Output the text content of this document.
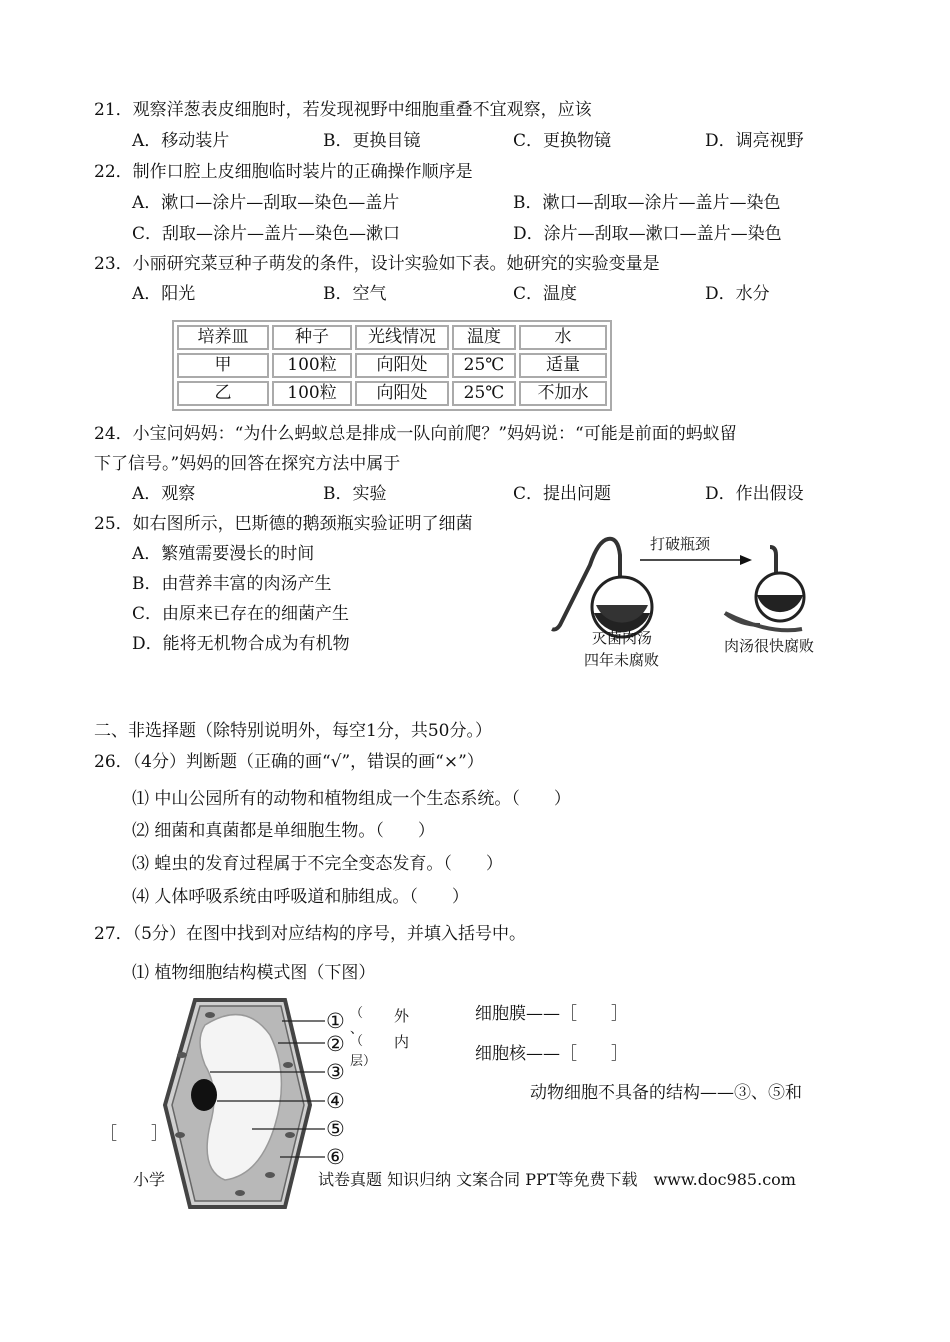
21．观察洋葱表皮细胞时，若发现视野中细胞重叠不宜观察，应该
A．移动装片	B．更换目镜	C．更换物镜	D．调亮视野
22．制作口腔上皮细胞临时装片的正确操作顺序是
A．漱口—涂片—刮取—染色—盖片	B．漱口—刮取—涂片—盖片—染色
C．刮取—涂片—盖片—染色—漱口	D．涂片—刮取—漱口—盖片—染色
23．小丽研究菜豆种子萌发的条件，设计实验如下表。她研究的实验变量是
A．阳光	B．空气	C．温度	D．水分
培养皿	种子	光线情况	温度	水
甲	100粒	向阳处	25℃	适量
乙	100粒	向阳处	25℃	不加水
24．小宝问妈妈：“为什么蚂蚁总是排成一队向前爬？”妈妈说：“可能是前面的蚂蚁留
下了信号。”妈妈的回答在探究方法中属于
A．观察	B．实验	C．提出问题	D．作出假设
25．如右图所示，巴斯德的鹅颈瓶实验证明了细菌
A．繁殖需要漫长的时间
B．由营养丰富的肉汤产生
C．由原来已存在的细菌产生
D．能将无机物合成为有机物
打破瓶颈
灭菌肉汤
四年未腐败
肉汤很快腐败
二、非选择题（除特别说明外，每空1分，共50分。）
26．（4分）判断题（正确的画“√”，错误的画“×”）
⑴ 中山公园所有的动物和植物组成一个生态系统。（　　）
⑵ 细菌和真菌都是单细胞生物。（　　）
⑶ 蝗虫的发育过程属于不完全变态发育。（　　）
⑷ 人体呼吸系统由呼吸道和肺组成。（　　）
27．（5分）在图中找到对应结构的序号，并填入括号中。
⑴ 植物细胞结构模式图（下图）
①
②
③
④
⑤
⑥
（
、
（
层）
外
内
细胞膜——［　　］
细胞核——［　　］
动物细胞不具备的结构——③、⑤和
［　　］
小学	试卷真题 知识归纳 文案合同 PPT等免费下载　www.doc985.com
